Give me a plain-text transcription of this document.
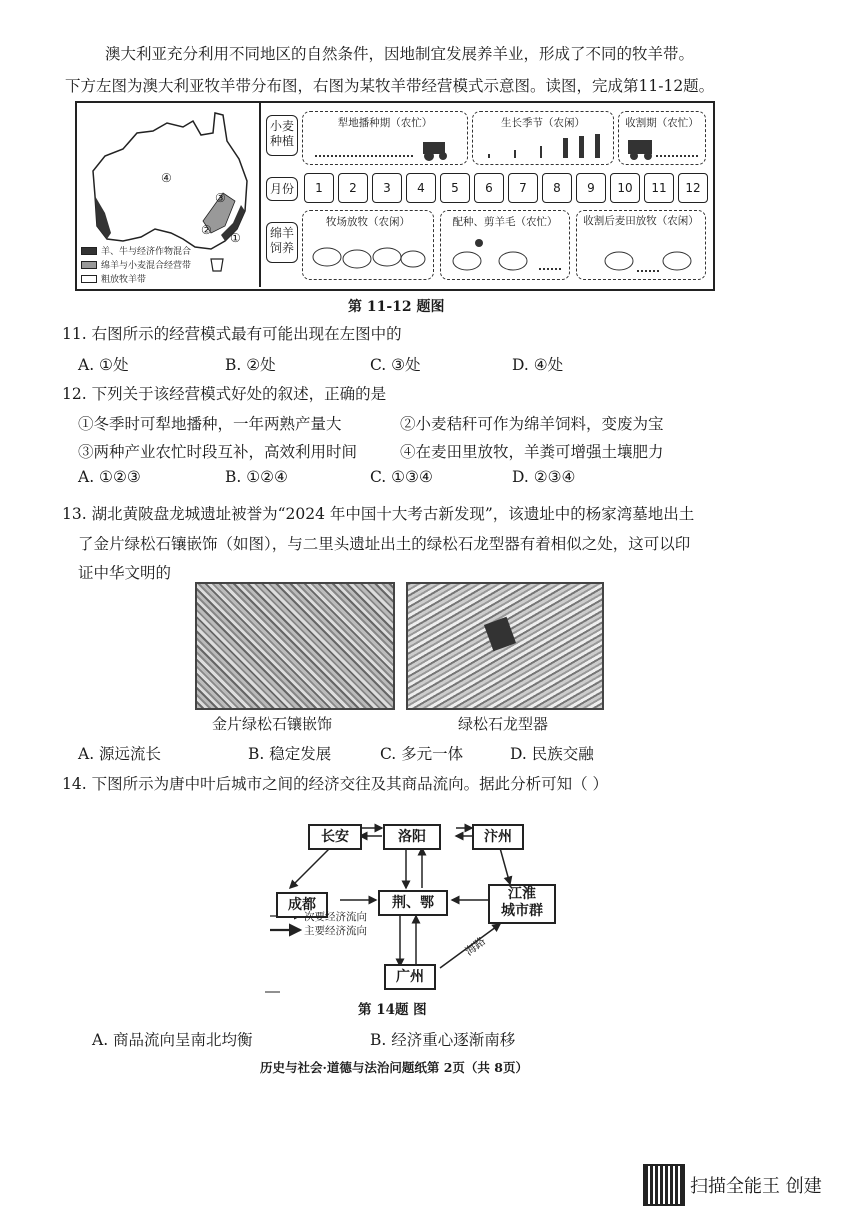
澳大利亚充分利用不同地区的自然条件，因地制宜发展养羊业，形成了不同的牧羊带。
下方左图为澳大利亚牧羊带分布图，右图为某牧羊带经营模式示意图。读图，完成第11-12题。
④
③
②
①
羊、牛与经济作物混合
绵羊与小麦混合经营带
粗放牧羊带
小麦种植
月份
绵羊饲养
犁地播种期（农忙）	生长季节（农闲）	收割期（农忙）
1	2	3	4	5	6	7	8	9	10	11	12
牧场放牧（农闲）	配种、剪羊毛（农忙）	收割后麦田放牧（农闲）
第 11-12 题图
11. 右图所示的经营模式最有可能出现在左图中的
A. ①处	B. ②处	C. ③处	D. ④处
12. 下列关于该经营模式好处的叙述，正确的是
①冬季时可犁地播种，一年两熟产量大	②小麦秸秆可作为绵羊饲料，变废为宝
③两种产业农忙时段互补，高效利用时间	④在麦田里放牧，羊粪可增强土壤肥力
A. ①②③	B. ①②④	C. ①③④	D. ②③④
13. 湖北黄陂盘龙城遗址被誉为“2024 年中国十大考古新发现”，该遗址中的杨家湾墓地出土
了金片绿松石镶嵌饰（如图），与二里头遗址出土的绿松石龙型器有着相似之处，这可以印
证中华文明的
金片绿松石镶嵌饰	绿松石龙型器
A. 源远流长	B. 稳定发展	C. 多元一体	D. 民族交融
14. 下图所示为唐中叶后城市之间的经济交往及其商品流向。据此分析可知（ ）
长安	洛阳	汴州
成都	荆、鄂
江淮
城市群
广州
海路
次要经济流向
主要经济流向
第 14题 图
A. 商品流向呈南北均衡	B. 经济重心逐渐南移
历史与社会·道德与法治问题纸第 2页（共 8页）
扫描全能王 创建
